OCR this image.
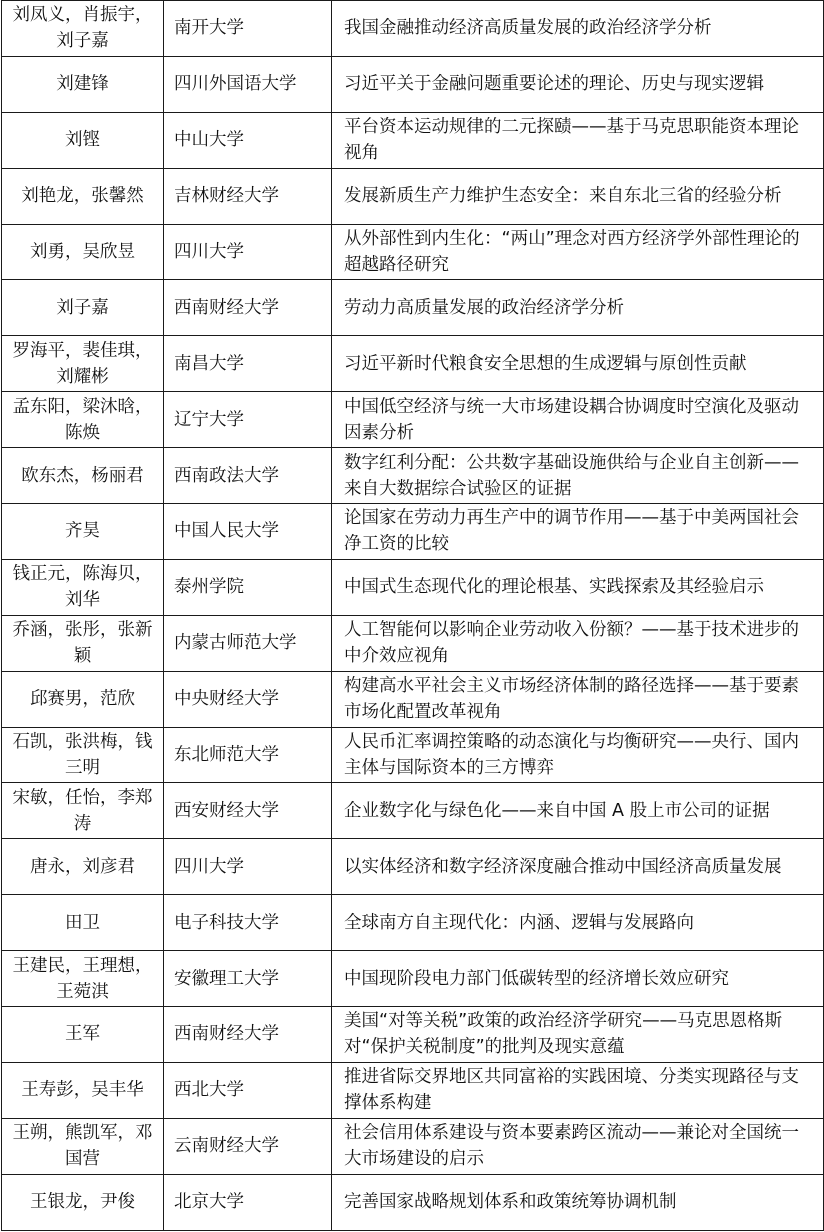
刘凤义，肖振宇，刘子嘉	南开大学	我国金融推动经济高质量发展的政治经济学分析
刘建锋	四川外国语大学	习近平关于金融问题重要论述的理论、历史与现实逻辑
刘铿	中山大学	平台资本运动规律的二元探赜——基于马克思职能资本理论视角
刘艳龙，张馨然	吉林财经大学	发展新质生产力维护生态安全：来自东北三省的经验分析
刘勇，吴欣昱	四川大学	从外部性到内生化：“两山”理念对西方经济学外部性理论的超越路径研究
刘子嘉	西南财经大学	劳动力高质量发展的政治经济学分析
罗海平，裴佳琪，刘耀彬	南昌大学	习近平新时代粮食安全思想的生成逻辑与原创性贡献
孟东阳，梁沐晗，陈焕	辽宁大学	中国低空经济与统一大市场建设耦合协调度时空演化及驱动因素分析
欧东杰，杨丽君	西南政法大学	数字红利分配：公共数字基础设施供给与企业自主创新——来自大数据综合试验区的证据
齐昊	中国人民大学	论国家在劳动力再生产中的调节作用——基于中美两国社会净工资的比较
钱正元，陈海贝，刘华	泰州学院	中国式生态现代化的理论根基、实践探索及其经验启示
乔涵，张彤，张新颖	内蒙古师范大学	人工智能何以影响企业劳动收入份额？——基于技术进步的中介效应视角
邱赛男，范欣	中央财经大学	构建高水平社会主义市场经济体制的路径选择——基于要素市场化配置改革视角
石凯，张洪梅，钱三明	东北师范大学	人民币汇率调控策略的动态演化与均衡研究——央行、国内主体与国际资本的三方博弈
宋敏，任怡，李郑涛	西安财经大学	企业数字化与绿色化——来自中国 A 股上市公司的证据
唐永，刘彦君	四川大学	以实体经济和数字经济深度融合推动中国经济高质量发展
田卫	电子科技大学	全球南方自主现代化：内涵、逻辑与发展路向
王建民，王理想，王菀淇	安徽理工大学	中国现阶段电力部门低碳转型的经济增长效应研究
王军	西南财经大学	美国“对等关税”政策的政治经济学研究——马克思恩格斯对“保护关税制度”的批判及现实意蕴
王寿彭，吴丰华	西北大学	推进省际交界地区共同富裕的实践困境、分类实现路径与支撑体系构建
王朔，熊凯军，邓国营	云南财经大学	社会信用体系建设与资本要素跨区流动——兼论对全国统一大市场建设的启示
王银龙，尹俊	北京大学	完善国家战略规划体系和政策统筹协调机制
